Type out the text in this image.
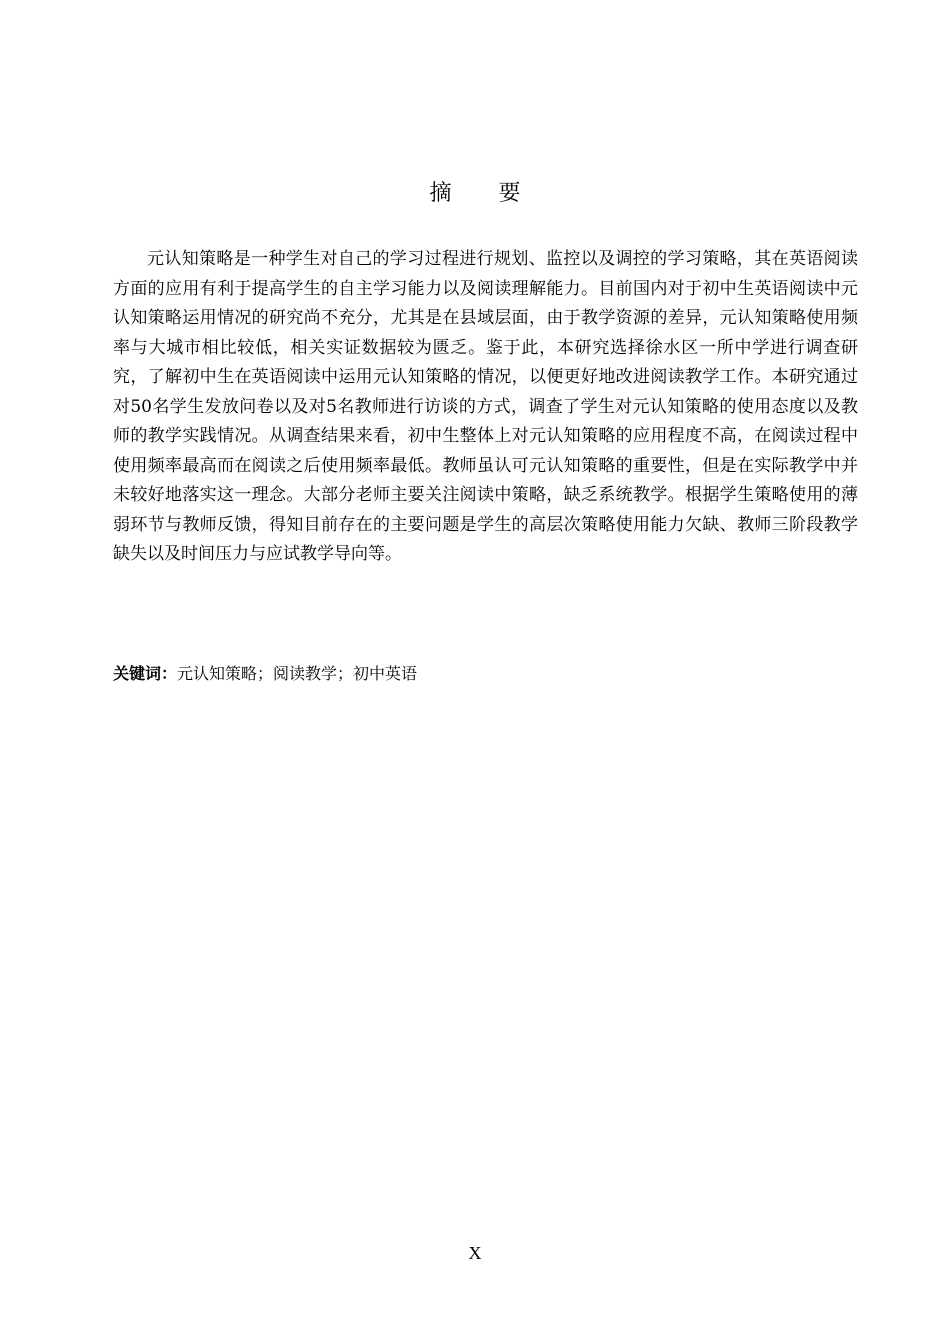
摘 要

元认知策略是一种学生对自己的学习过程进行规划、监控以及调控的学习策略，其在英语阅读方面的应用有利于提高学生的自主学习能力以及阅读理解能力。目前国内对于初中生英语阅读中元认知策略运用情况的研究尚不充分，尤其是在县域层面，由于教学资源的差异，元认知策略使用频率与大城市相比较低，相关实证数据较为匮乏。鉴于此，本研究选择徐水区一所中学进行调查研究，了解初中生在英语阅读中运用元认知策略的情况，以便更好地改进阅读教学工作。本研究通过对50名学生发放问卷以及对5名教师进行访谈的方式，调查了学生对元认知策略的使用态度以及教师的教学实践情况。从调查结果来看，初中生整体上对元认知策略的应用程度不高，在阅读过程中使用频率最高而在阅读之后使用频率最低。教师虽认可元认知策略的重要性，但是在实际教学中并未较好地落实这一理念。大部分老师主要关注阅读中策略，缺乏系统教学。根据学生策略使用的薄弱环节与教师反馈，得知目前存在的主要问题是学生的高层次策略使用能力欠缺、教师三阶段教学缺失以及时间压力与应试教学导向等。

关键词：元认知策略；阅读教学；初中英语
X
